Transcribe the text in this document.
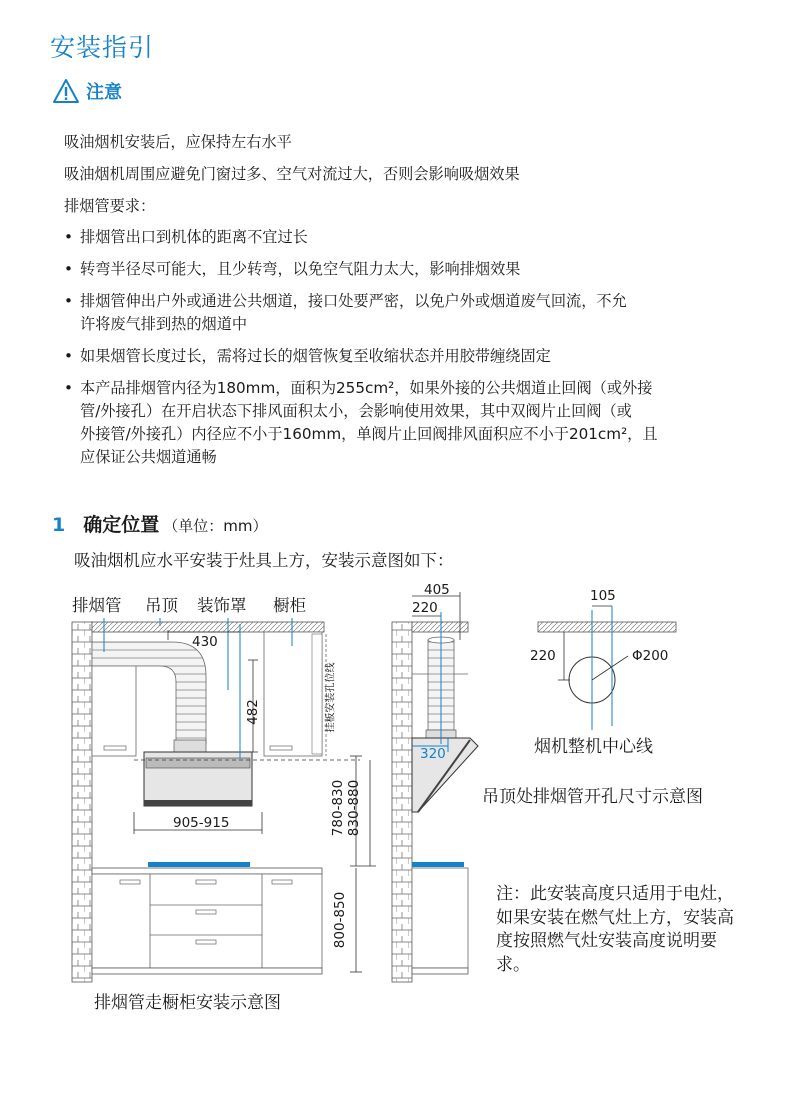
安装指引
注意
吸油烟机安装后，应保持左右水平
吸油烟机周围应避免门窗过多、空气对流过大，否则会影响吸烟效果
排烟管要求：
• 排烟管出口到机体的距离不宜过长
• 转弯半径尽可能大，且少转弯，以免空气阻力太大，影响排烟效果
• 排烟管伸出户外或通进公共烟道，接口处要严密，以免户外或烟道废气回流，不允
许将废气排到热的烟道中
• 如果烟管长度过长，需将过长的烟管恢复至收缩状态并用胶带缠绕固定
• 本产品排烟管内径为180mm，面积为255cm²，如果外接的公共烟道止回阀（或外接
管/外接孔）在开启状态下排风面积太小，会影响使用效果，其中双阀片止回阀（或
外接管/外接孔）内径应不小于160mm，单阀片止回阀排风面积应不小于201cm²，且
应保证公共烟道通畅
1 确定位置 （单位：mm）
吸油烟机应水平安装于灶具上方，安装示意图如下：
排烟管 吊顶 装饰罩 橱柜
430
482
905-915	780-830 830-880
800-850
挂板安装孔位线
排烟管走橱柜安装示意图
405
220
320
105
220	Φ200
烟机整机中心线
吊顶处排烟管开孔尺寸示意图
注：此安装高度只适用于电灶，如果安装在燃气灶上方，安装高度按照燃气灶安装高度说明要求。
